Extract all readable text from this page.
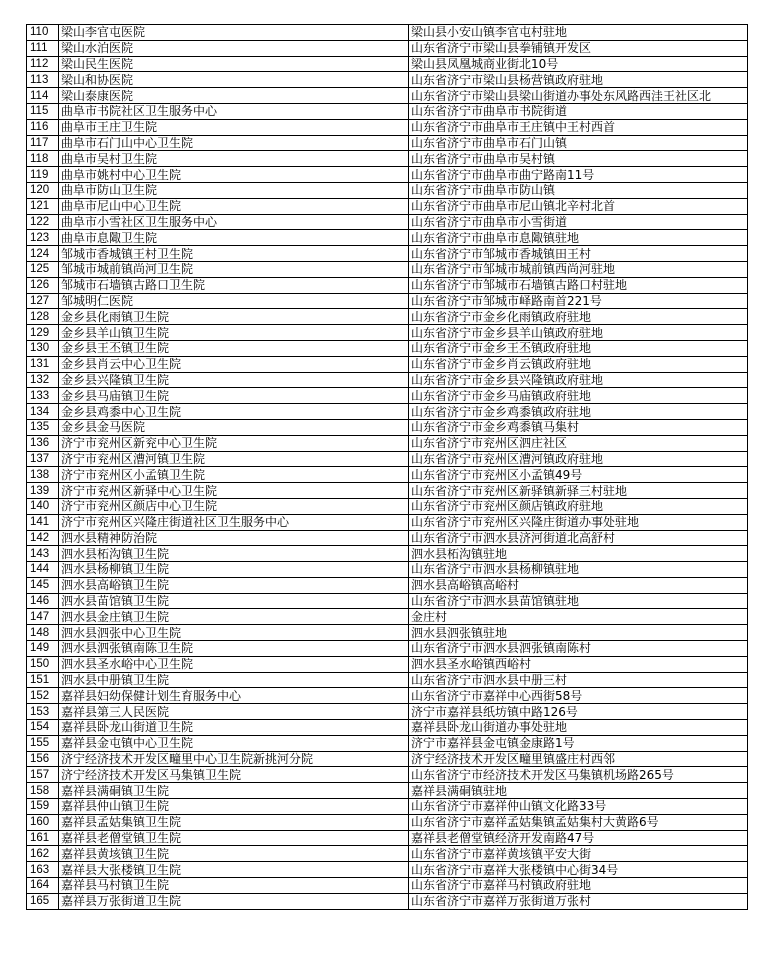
110	梁山李官屯医院	梁山县小安山镇李官屯村驻地
111	梁山水泊医院	山东省济宁市梁山县拳铺镇开发区
112	梁山民生医院	梁山县凤凰城商业街北10号
113	梁山和协医院	山东省济宁市梁山县杨营镇政府驻地
114	梁山泰康医院	山东省济宁市梁山县梁山街道办事处东风路西洼王社区北
115	曲阜市书院社区卫生服务中心	山东省济宁市曲阜市书院街道
116	曲阜市王庄卫生院	山东省济宁市曲阜市王庄镇中王村西首
117	曲阜市石门山中心卫生院	山东省济宁市曲阜市石门山镇
118	曲阜市吴村卫生院	山东省济宁市曲阜市吴村镇
119	曲阜市姚村中心卫生院	山东省济宁市曲阜市曲宁路南11号
120	曲阜市防山卫生院	山东省济宁市曲阜市防山镇
121	曲阜市尼山中心卫生院	山东省济宁市曲阜市尼山镇北辛村北首
122	曲阜市小雪社区卫生服务中心	山东省济宁市曲阜市小雪街道
123	曲阜市息陬卫生院	山东省济宁市曲阜市息陬镇驻地
124	邹城市香城镇王村卫生院	山东省济宁市邹城市香城镇田王村
125	邹城市城前镇尚河卫生院	山东省济宁市邹城市城前镇西尚河驻地
126	邹城市石墙镇古路口卫生院	山东省济宁市邹城市石墙镇古路口村驻地
127	邹城明仁医院	山东省济宁市邹城市峄路南首221号
128	金乡县化雨镇卫生院	山东省济宁市金乡化雨镇政府驻地
129	金乡县羊山镇卫生院	山东省济宁市金乡县羊山镇政府驻地
130	金乡县王丕镇卫生院	山东省济宁市金乡王丕镇政府驻地
131	金乡县肖云中心卫生院	山东省济宁市金乡肖云镇政府驻地
132	金乡县兴隆镇卫生院	山东省济宁市金乡县兴隆镇政府驻地
133	金乡县马庙镇卫生院	山东省济宁市金乡马庙镇政府驻地
134	金乡县鸡黍中心卫生院	山东省济宁市金乡鸡黍镇政府驻地
135	金乡县金马医院	山东省济宁市金乡鸡黍镇马集村
136	济宁市兖州区新兖中心卫生院	山东省济宁市兖州区泗庄社区
137	济宁市兖州区漕河镇卫生院	山东省济宁市兖州区漕河镇政府驻地
138	济宁市兖州区小孟镇卫生院	山东省济宁市兖州区小孟镇49号
139	济宁市兖州区新驿中心卫生院	山东省济宁市兖州区新驿镇新驿三村驻地
140	济宁市兖州区颜店中心卫生院	山东省济宁市兖州区颜店镇政府驻地
141	济宁市兖州区兴隆庄街道社区卫生服务中心	山东省济宁市兖州区兴隆庄街道办事处驻地
142	泗水县精神防治院	山东省济宁市泗水县济河街道北高舒村
143	泗水县柘沟镇卫生院	泗水县柘沟镇驻地
144	泗水县杨柳镇卫生院	山东省济宁市泗水县杨柳镇驻地
145	泗水县高峪镇卫生院	泗水县高峪镇高峪村
146	泗水县苗馆镇卫生院	山东省济宁市泗水县苗馆镇驻地
147	泗水县金庄镇卫生院	金庄村
148	泗水县泗张中心卫生院	泗水县泗张镇驻地
149	泗水县泗张镇南陈卫生院	山东省济宁市泗水县泗张镇南陈村
150	泗水县圣水峪中心卫生院	泗水县圣水峪镇西峪村
151	泗水县中册镇卫生院	山东省济宁市泗水县中册三村
152	嘉祥县妇幼保健计划生育服务中心	山东省济宁市嘉祥中心西街58号
153	嘉祥县第三人民医院	济宁市嘉祥县纸坊镇中路126号
154	嘉祥县卧龙山街道卫生院	嘉祥县卧龙山街道办事处驻地
155	嘉祥县金屯镇中心卫生院	济宁市嘉祥县金屯镇金康路1号
156	济宁经济技术开发区疃里中心卫生院新挑河分院	济宁经济技术开发区疃里镇盛庄村西邻
157	济宁经济技术开发区马集镇卫生院	山东省济宁市经济技术开发区马集镇机场路265号
158	嘉祥县满硐镇卫生院	嘉祥县满硐镇驻地
159	嘉祥县仲山镇卫生院	山东省济宁市嘉祥仲山镇文化路33号
160	嘉祥县孟姑集镇卫生院	山东省济宁市嘉祥孟姑集镇孟姑集村大黄路6号
161	嘉祥县老僧堂镇卫生院	嘉祥县老僧堂镇经济开发南路47号
162	嘉祥县黄垓镇卫生院	山东省济宁市嘉祥黄垓镇平安大街
163	嘉祥县大张楼镇卫生院	山东省济宁市嘉祥大张楼镇中心街34号
164	嘉祥县马村镇卫生院	山东省济宁市嘉祥马村镇政府驻地
165	嘉祥县万张街道卫生院	山东省济宁市嘉祥万张街道万张村
